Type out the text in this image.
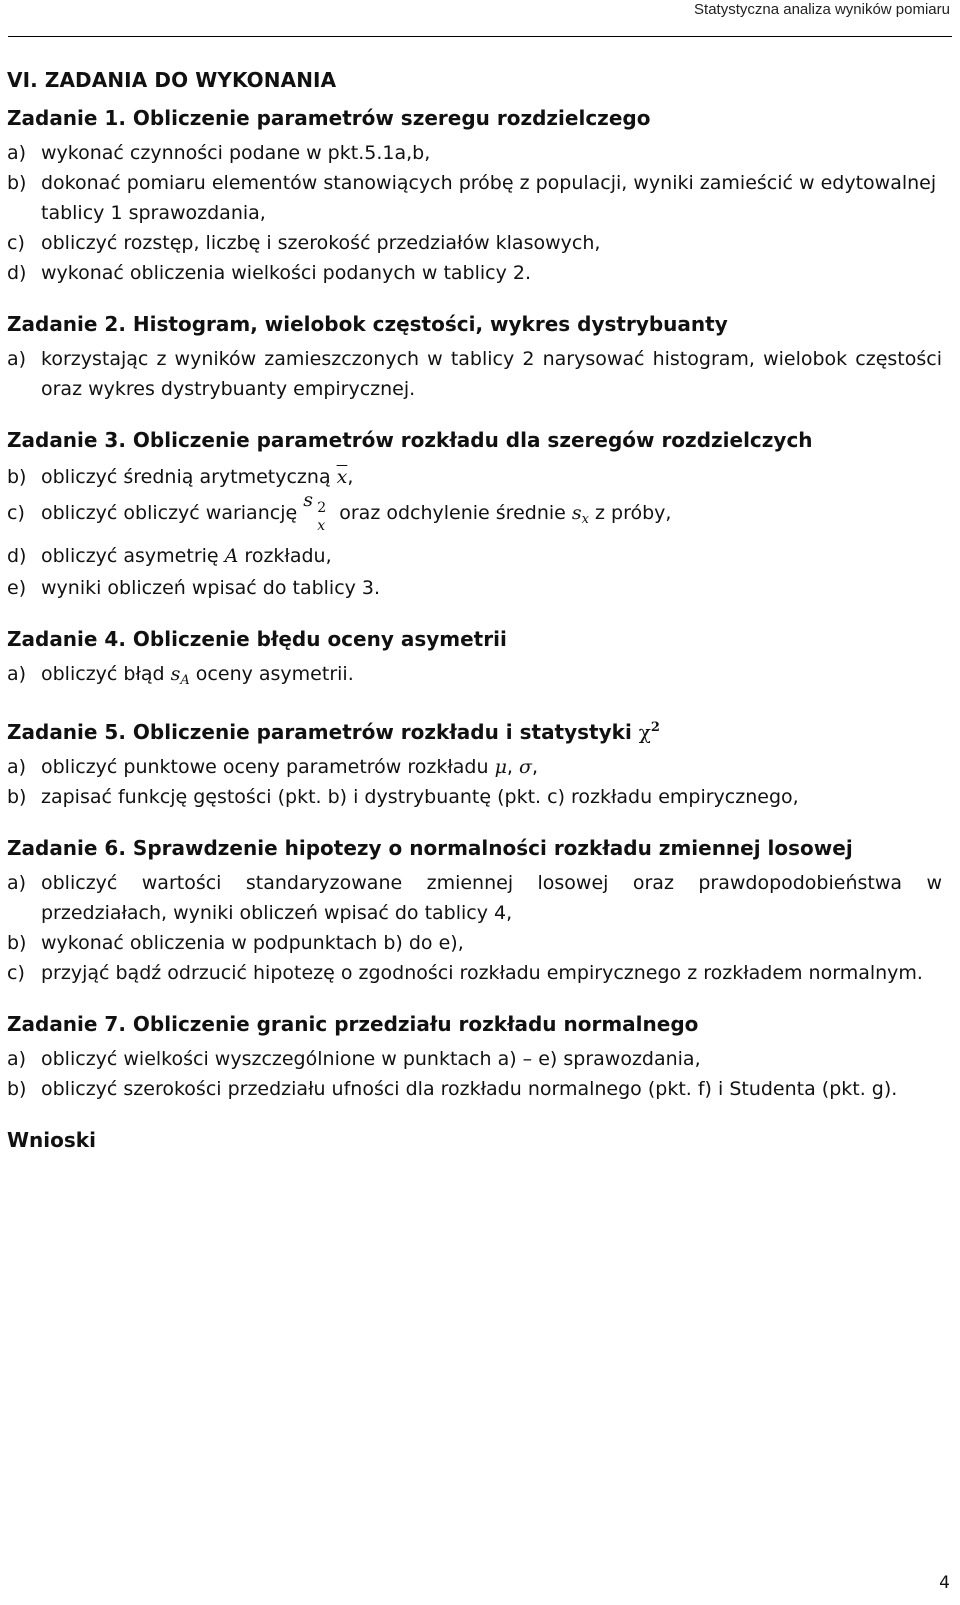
Statystyczna analiza wyników pomiaru
VI. ZADANIA DO WYKONANIA
Zadanie 1. Obliczenie parametrów szeregu rozdzielczego
a) wykonać czynności podane w pkt.5.1a,b,
b) dokonać pomiaru elementów stanowiących próbę z populacji, wyniki zamieścić w edytowalnej tablicy 1 sprawozdania,
c) obliczyć rozstęp, liczbę i szerokość przedziałów klasowych,
d) wykonać obliczenia wielkości podanych w tablicy 2.
Zadanie 2. Histogram, wielobok częstości, wykres dystrybuanty
a) korzystając z wyników zamieszczonych w tablicy 2 narysować histogram, wielobok częstości oraz wykres dystrybuanty empirycznej.
Zadanie 3. Obliczenie parametrów rozkładu dla szeregów rozdzielczych
b) obliczyć średnią arytmetyczną $\overline{x}$,
c) obliczyć obliczyć wariancję
s 2
x
oraz odchylenie średnie $s_x$ z próby,
d) obliczyć asymetrię A rozkładu,
e) wyniki obliczeń wpisać do tablicy 3.
Zadanie 4. Obliczenie błędu oceny asymetrii
a) obliczyć błąd $s_A$ oceny asymetrii.
Zadanie 5. Obliczenie parametrów rozkładu i statystyki $\chi^2$
a) obliczyć punktowe oceny parametrów rozkładu μ, σ,
b) zapisać funkcję gęstości (pkt. b) i dystrybuantę (pkt. c) rozkładu empirycznego,
Zadanie 6. Sprawdzenie hipotezy o normalności rozkładu zmiennej losowej
a) obliczyć wartości standaryzowane zmiennej losowej oraz prawdopodobieństwa w przedziałach, wyniki obliczeń wpisać do tablicy 4,
b) wykonać obliczenia w podpunktach b) do e),
c) przyjąć bądź odrzucić hipotezę o zgodności rozkładu empirycznego z rozkładem normalnym.
Zadanie 7. Obliczenie granic przedziału rozkładu normalnego
a) obliczyć wielkości wyszczególnione w punktach a) – e) sprawozdania,
b) obliczyć szerokości przedziału ufności dla rozkładu normalnego (pkt. f) i Studenta (pkt. g).
Wnioski
4
